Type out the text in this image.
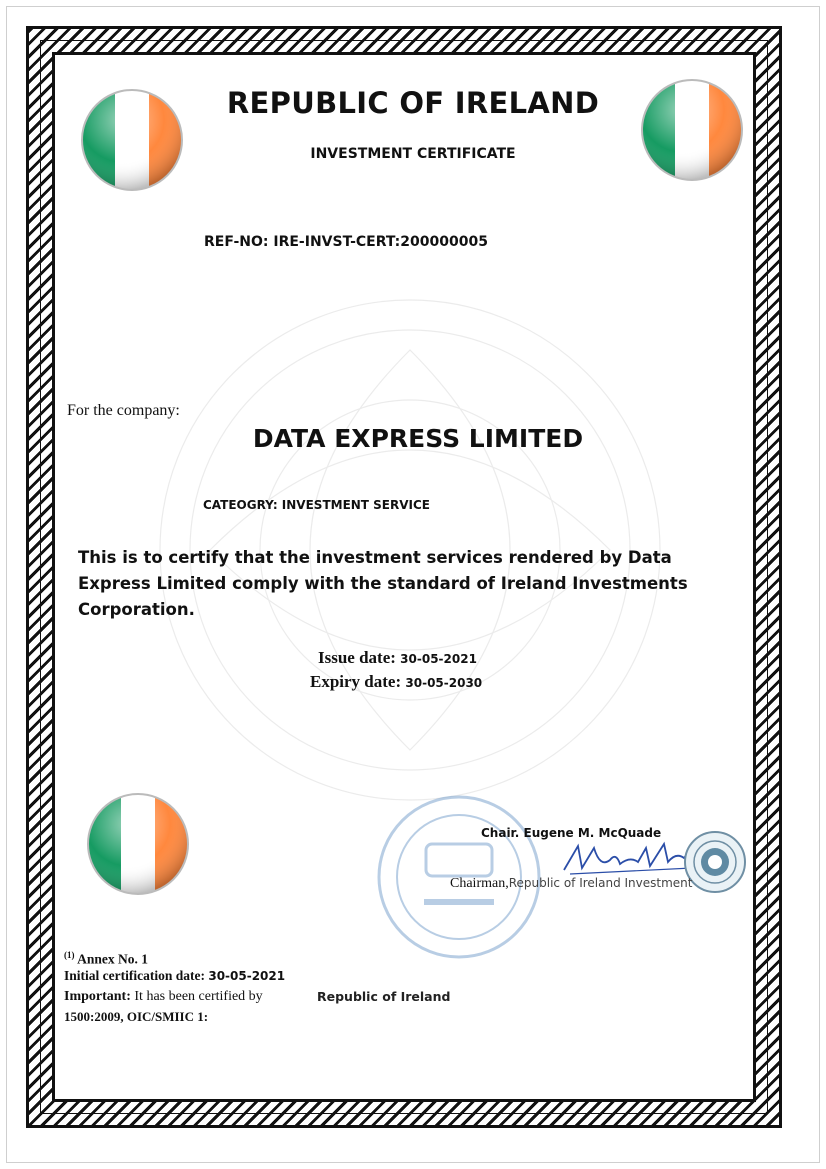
REPUBLIC OF IRELAND
INVESTMENT CERTIFICATE
REF-NO: IRE-INVST-CERT:200000005
For the company:
DATA EXPRESS LIMITED
CATEOGRY: INVESTMENT SERVICE
This is to certify that the investment services rendered by Data Express Limited comply with the standard of Ireland Investments Corporation.
Issue date: 30-05-2021
Expiry date: 30-05-2030
Chair. Eugene M. McQuade
Chairman,Republic of Ireland Investment
$^{(1)}$ Annex No. 1
Initial certification date: 30-05-2021
Important: It has been certified by
1500:2009, OIC/SMIIC 1:
Republic of Ireland
